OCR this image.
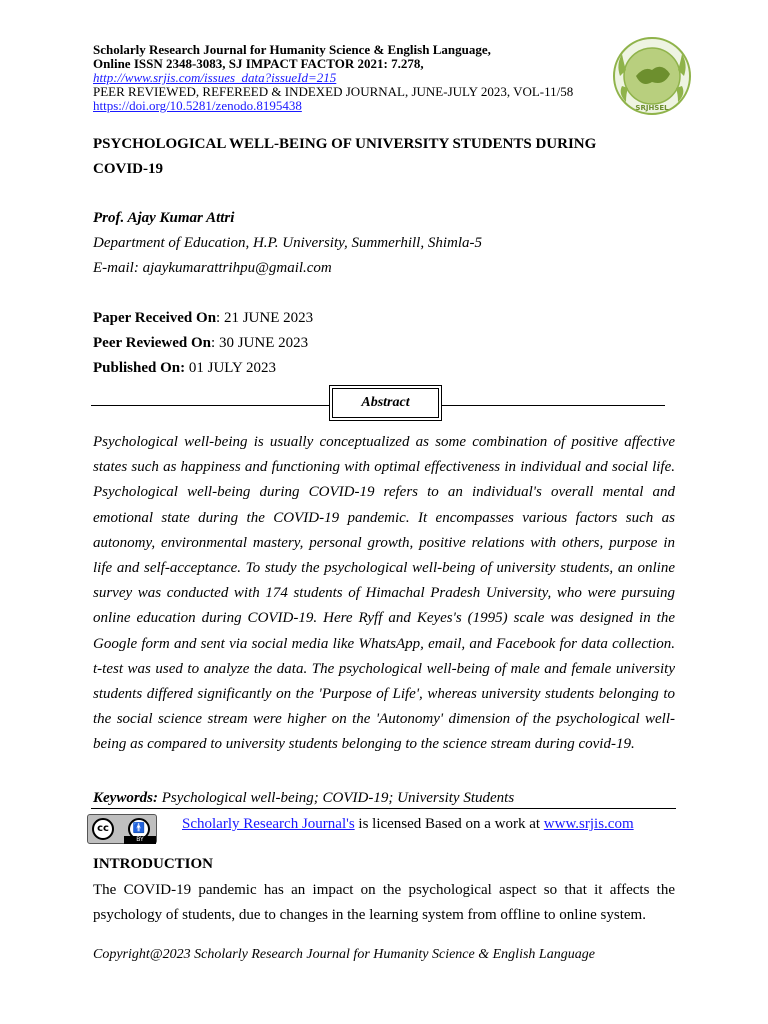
Scholarly Research Journal for Humanity Science & English Language,
Online ISSN 2348-3083, SJ IMPACT FACTOR 2021: 7.278,
http://www.srjis.com/issues_data?issueId=215
PEER REVIEWED, REFEREED & INDEXED JOURNAL, JUNE-JULY 2023, VOL-11/58
https://doi.org/10.5281/zenodo.8195438	SRJHSEL
PSYCHOLOGICAL WELL-BEING OF UNIVERSITY STUDENTS DURING
COVID-19
Prof. Ajay Kumar Attri
Department of Education, H.P. University, Summerhill, Shimla-5
E-mail: ajaykumarattrihpu@gmail.com
Paper Received On: 21 JUNE 2023
Peer Reviewed On: 30 JUNE 2023
Published On: 01 JULY 2023
Abstract
Psychological well-being is usually conceptualized as some combination of positive affective states such as happiness and functioning with optimal effectiveness in individual and social life. Psychological well-being during COVID-19 refers to an individual's overall mental and emotional state during the COVID-19 pandemic. It encompasses various factors such as autonomy, environmental mastery, personal growth, positive relations with others, purpose in life and self-acceptance. To study the psychological well-being of university students, an online survey was conducted with 174 students of Himachal Pradesh University, who were pursuing online education during COVID-19. Here Ryff and Keyes's (1995) scale was designed in the Google form and sent via social media like WhatsApp, email, and Facebook for data collection. t-test was used to analyze the data. The psychological well-being of male and female university students differed significantly on the 'Purpose of Life', whereas university students belonging to the social science stream were higher on the 'Autonomy' dimension of the psychological well-being as compared to university students belonging to the science stream during covid-19.
Keywords: Psychological well-being; COVID-19; University Students
cc	🚹
BY
Scholarly Research Journal's is licensed Based on a work at www.srjis.com
INTRODUCTION
The COVID-19 pandemic has an impact on the psychological aspect so that it affects the psychology of students, due to changes in the learning system from offline to online system.
Copyright@2023 Scholarly Research Journal for Humanity Science & English Language
